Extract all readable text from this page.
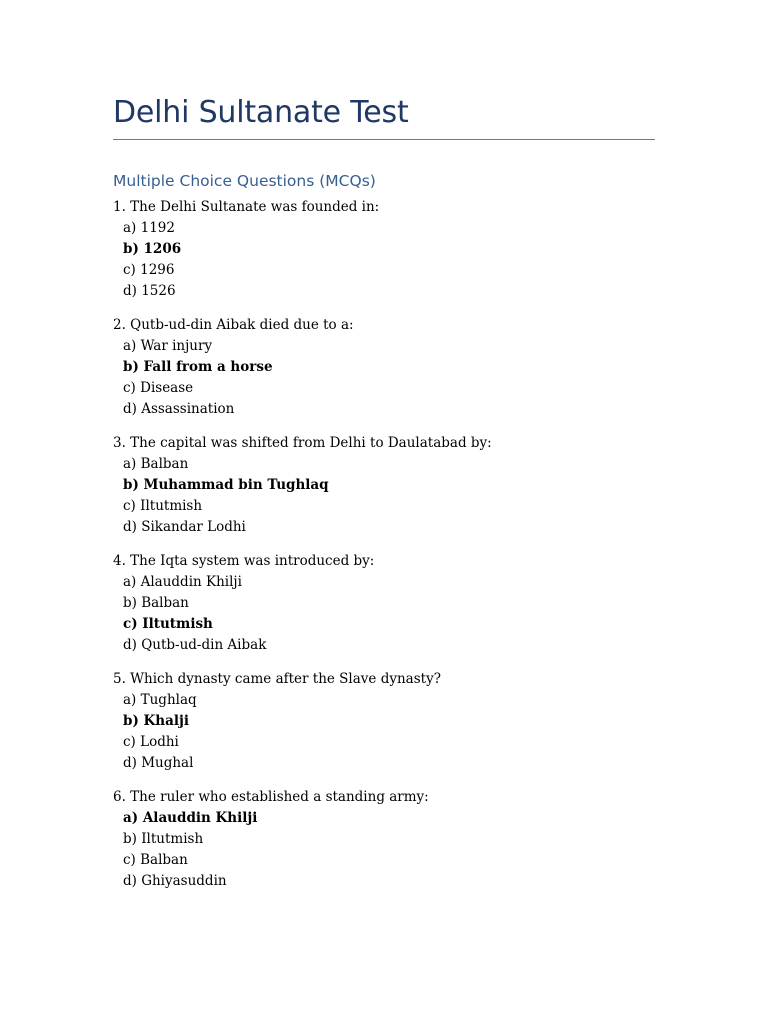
Delhi Sultanate Test
Multiple Choice Questions (MCQs)
1. The Delhi Sultanate was founded in:
a) 1192
b) 1206
c) 1296
d) 1526
2. Qutb-ud-din Aibak died due to a:
a) War injury
b) Fall from a horse
c) Disease
d) Assassination
3. The capital was shifted from Delhi to Daulatabad by:
a) Balban
b) Muhammad bin Tughlaq
c) Iltutmish
d) Sikandar Lodhi
4. The Iqta system was introduced by:
a) Alauddin Khilji
b) Balban
c) Iltutmish
d) Qutb-ud-din Aibak
5. Which dynasty came after the Slave dynasty?
a) Tughlaq
b) Khalji
c) Lodhi
d) Mughal
6. The ruler who established a standing army:
a) Alauddin Khilji
b) Iltutmish
c) Balban
d) Ghiyasuddin
